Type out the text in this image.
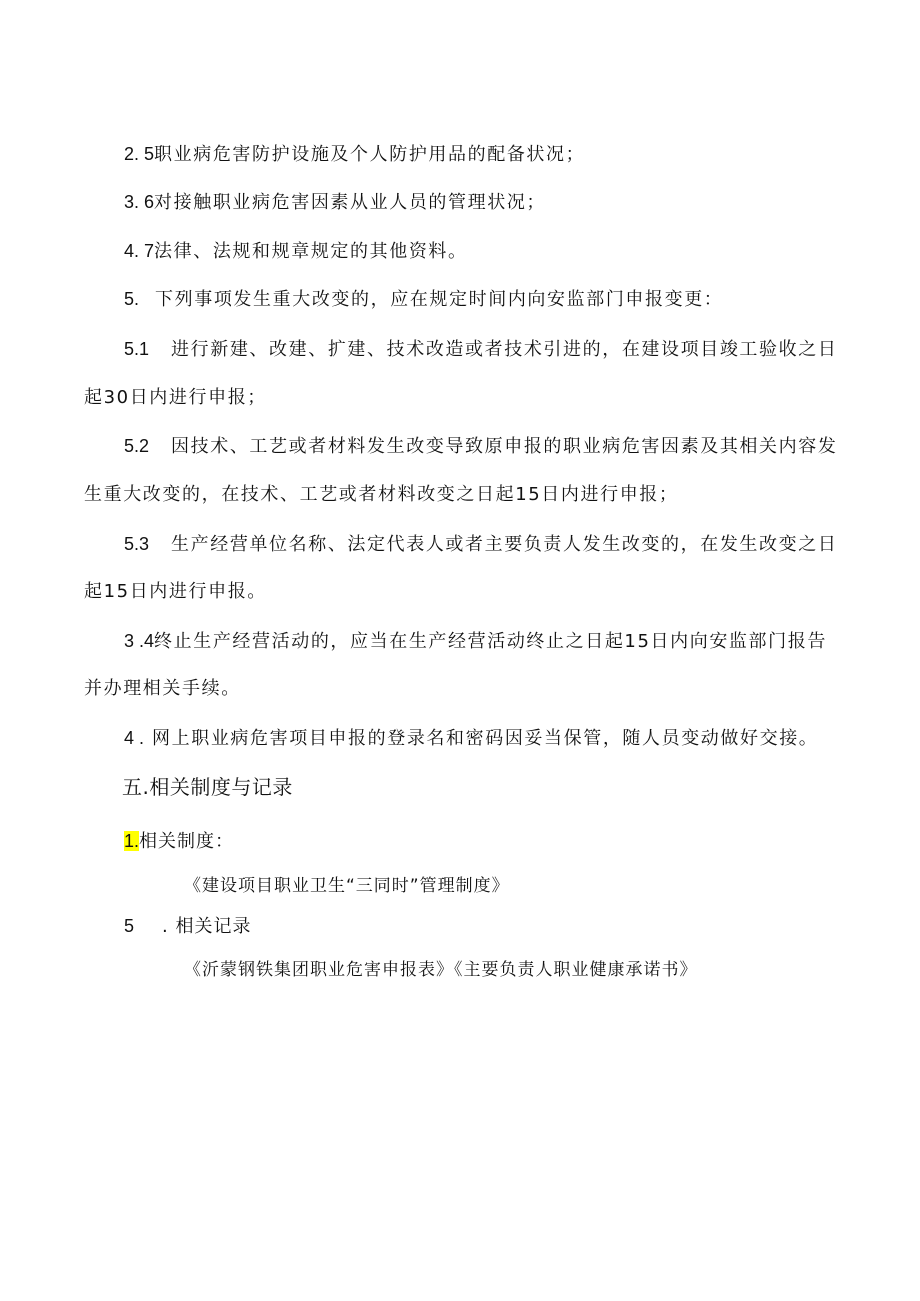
2. 5职业病危害防护设施及个人防护用品的配备状况；
3. 6对接触职业病危害因素从业人员的管理状况；
4. 7法律、法规和规章规定的其他资料。
5. 下列事项发生重大改变的，应在规定时间内向安监部门申报变更：
5.1 进行新建、改建、扩建、技术改造或者技术引进的，在建设项目竣工验收之日
起30日内进行申报；
5.2 因技术、工艺或者材料发生改变导致原申报的职业病危害因素及其相关内容发
生重大改变的，在技术、工艺或者材料改变之日起15日内进行申报；
5.3 生产经营单位名称、法定代表人或者主要负责人发生改变的，在发生改变之日
起15日内进行申报。
3 .4终止生产经营活动的，应当在生产经营活动终止之日起15日内向安监部门报告
并办理相关手续。
4 . 网上职业病危害项目申报的登录名和密码因妥当保管，随人员变动做好交接。
五.相关制度与记录
1.相关制度：
《建设项目职业卫生“三同时”管理制度》
5 . 相关记录
《沂蒙钢铁集团职业危害申报表》《主要负责人职业健康承诺书》
